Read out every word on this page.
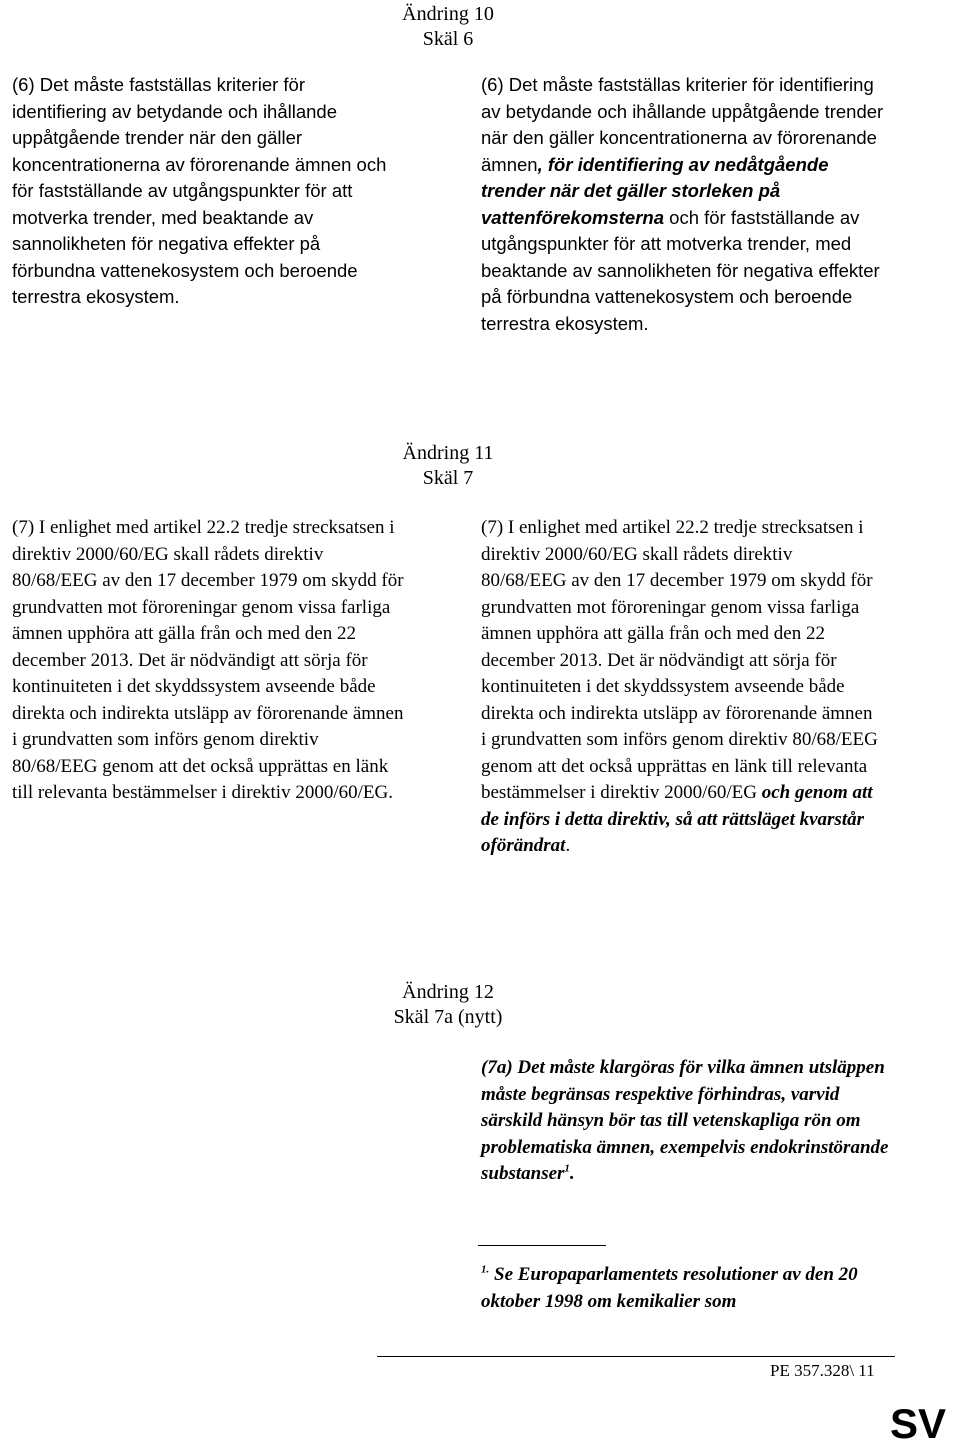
Ändring 10
Skäl 6

(6) Det måste fastställas kriterier för identifiering av betydande och ihållande uppåtgående trender när den gäller koncentrationerna av förorenande ämnen och för fastställande av utgångspunkter för att motverka trender, med beaktande av sannolikheten för negativa effekter på förbundna vattenekosystem och beroende terrestra ekosystem.

(6) Det måste fastställas kriterier för identifiering av betydande och ihållande uppåtgående trender när den gäller koncentrationerna av förorenande ämnen, för identifiering av nedåtgående trender när det gäller storleken på vattenförekomsterna och för fastställande av utgångspunkter för att motverka trender, med beaktande av sannolikheten för negativa effekter på förbundna vattenekosystem och beroende terrestra ekosystem.

Ändring 11
Skäl 7

(7) I enlighet med artikel 22.2 tredje strecksatsen i direktiv 2000/60/EG skall rådets direktiv 80/68/EEG av den 17 december 1979 om skydd för grundvatten mot föroreningar genom vissa farliga ämnen upphöra att gälla från och med den 22 december 2013. Det är nödvändigt att sörja för kontinuiteten i det skyddssystem avseende både direkta och indirekta utsläpp av förorenande ämnen i grundvatten som införs genom direktiv 80/68/EEG genom att det också upprättas en länk till relevanta bestämmelser i direktiv 2000/60/EG.

(7) I enlighet med artikel 22.2 tredje strecksatsen i direktiv 2000/60/EG skall rådets direktiv 80/68/EEG av den 17 december 1979 om skydd för grundvatten mot föroreningar genom vissa farliga ämnen upphöra att gälla från och med den 22 december 2013. Det är nödvändigt att sörja för kontinuiteten i det skyddssystem avseende både direkta och indirekta utsläpp av förorenande ämnen i grundvatten som införs genom direktiv 80/68/EEG genom att det också upprättas en länk till relevanta bestämmelser i direktiv 2000/60/EG och genom att de införs i detta direktiv, så att rättsläget kvarstår oförändrat.

Ändring 12
Skäl 7a (nytt)

(7a) Det måste klargöras för vilka ämnen utsläppen måste begränsas respektive förhindras, varvid särskild hänsyn bör tas till vetenskapliga rön om problematiska ämnen, exempelvis endokrinstörande substanser$^1$.

$^{1.}$ Se Europaparlamentets resolutioner av den 20 oktober 1998 om kemikalier som

PE 357.328\ 11
SV
